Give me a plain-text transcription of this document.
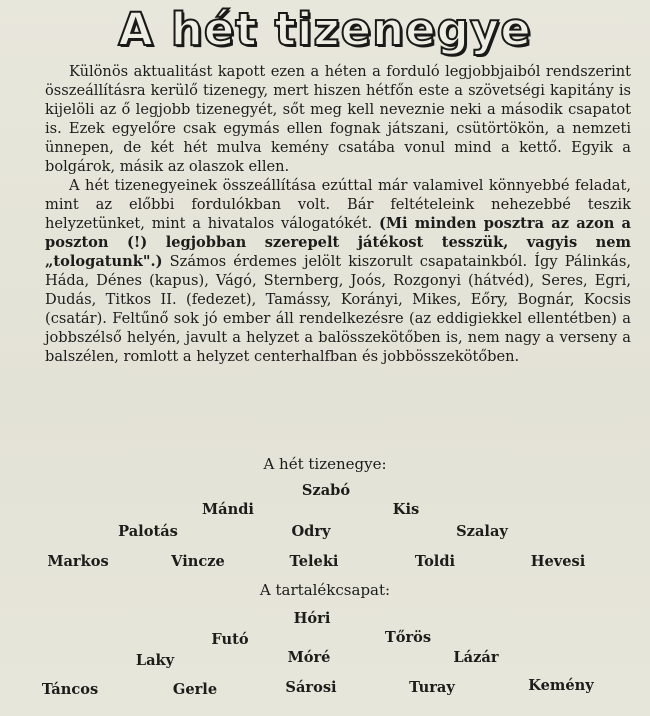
A hét tizenegye

Különös aktualitást kapott ezen a héten a forduló legjobbjaiból rendszerint összeállításra kerülő tizenegy, mert hiszen hétfőn este a szövetségi kapitány is kijelöli az ő legjobb tizenegyét, sőt meg kell neveznie neki a második csapatot is. Ezek egyelőre csak egymás ellen fognak játszani, csütörtökön, a nemzeti ünnepen, de két hét mulva kemény csatába vonul mind a kettő. Egyik a bolgárok, másik az olaszok ellen.

A hét tizenegyeinek összeállítása ezúttal már valamivel könnyebbé feladat, mint az előbbi fordulókban volt. Bár feltételeink nehezebbé teszik helyzetünket, mint a hivatalos válogatókét. (Mi minden posztra az azon a poszton (!) legjobban szerepelt játékost tesszük, vagyis nem „tologatunk".) Számos érdemes jelölt kiszorult csapatainkból. Így Pálinkás, Háda, Dénes (kapus), Vágó, Sternberg, Joós, Rozgonyi (hátvéd), Seres, Egri, Dudás, Titkos II. (fedezet), Tamássy, Korányi, Mikes, Eőry, Bognár, Kocsis (csatár). Feltűnő sok jó ember áll rendelkezésre (az eddigiekkel ellentétben) a jobbszélső helyén, javult a helyzet a balösszekötőben is, nem nagy a verseny a balszélen, romlott a helyzet centerhalfban és jobbösszekötőben.

A hét tizenegye:
Szabó
Mándi	Kis
Palotás	Odry	Szalay
Markos	Vincze	Teleki	Toldi	Hevesi
A tartalékcsapat:
Hóri
Futó	Tőrös
Laky	Móré	Lázár
Táncos	Gerle	Sárosi	Turay	Kemény
